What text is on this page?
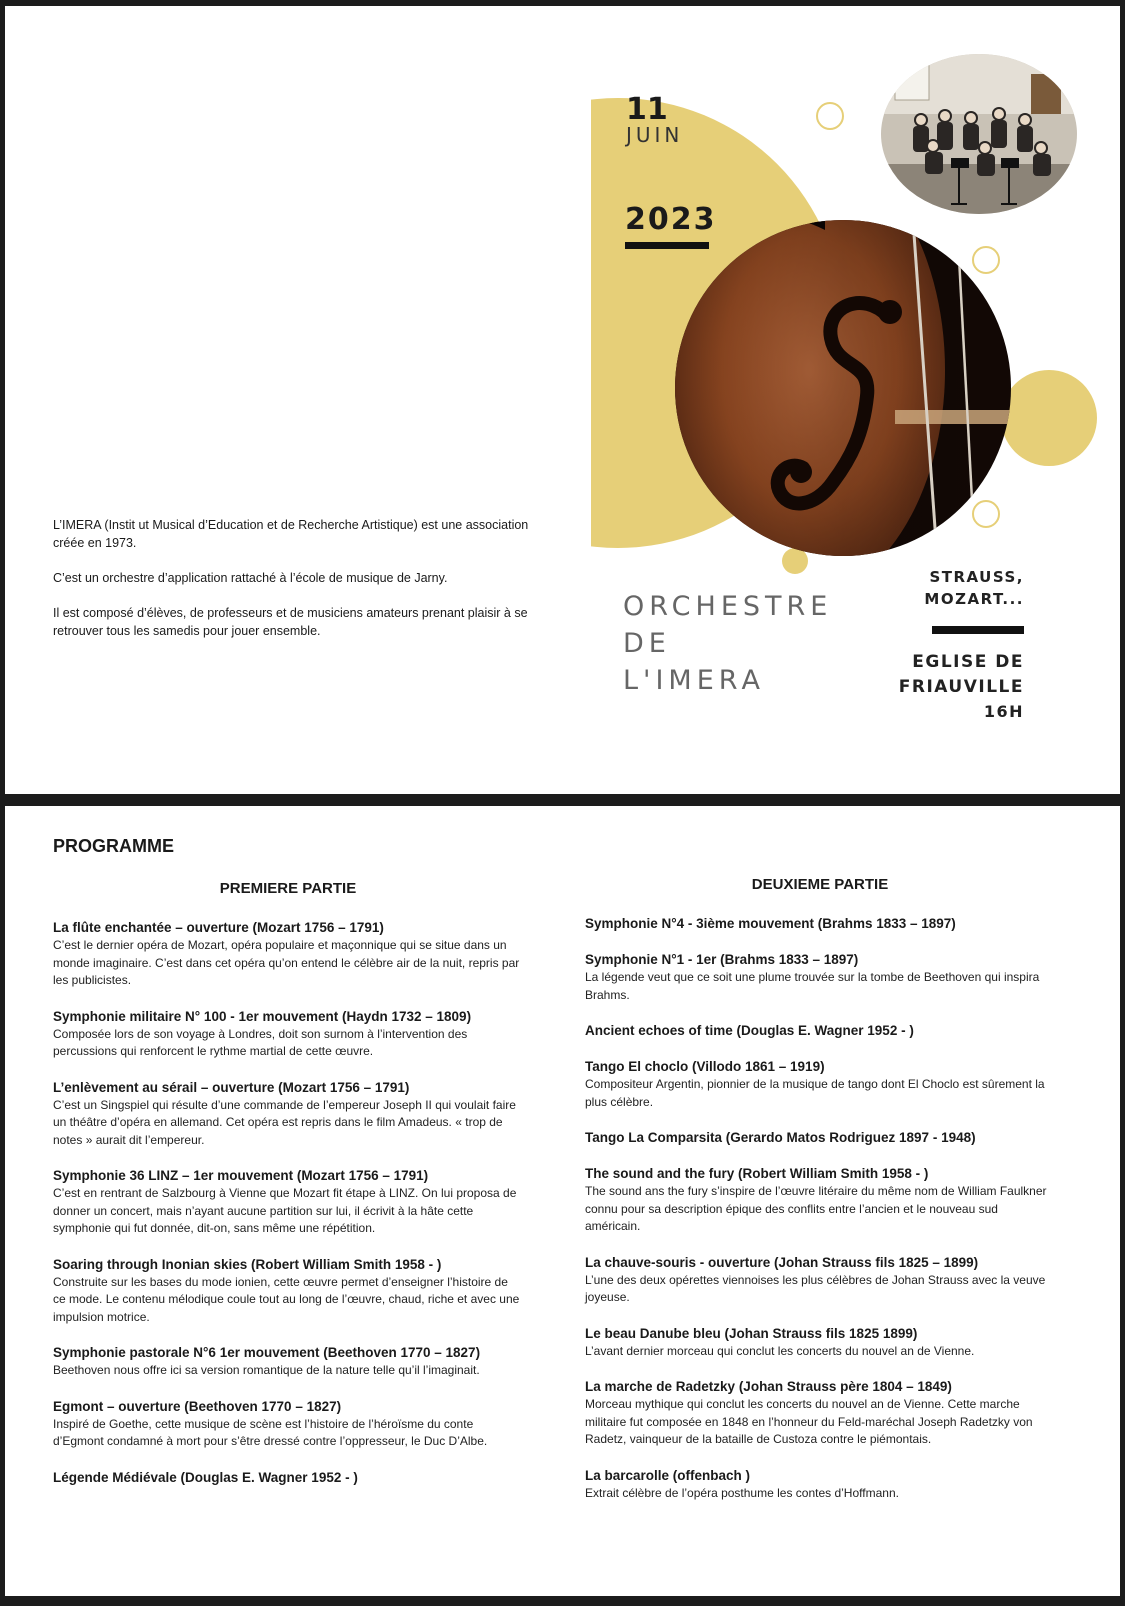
L’IMERA (Instit ut Musical d’Education et de Recherche Artistique) est une association créée en 1973.

C’est un orchestre d’application rattaché à l’école de musique de Jarny.

Il est composé d’élèves, de professeurs et de musiciens amateurs prenant plaisir à se retrouver tous les samedis pour jouer ensemble.

11
JUIN
2023
ORCHESTRE
DE
L'IMERA
STRAUSS,
MOZART...
EGLISE DE
FRIAUVILLE
16H
PROGRAMME
PREMIERE PARTIE
La flûte enchantée – ouverture (Mozart 1756 – 1791)
C’est le dernier opéra de Mozart, opéra populaire et maçonnique qui se situe dans un monde imaginaire. C’est dans cet opéra qu’on entend le célèbre air de la nuit, repris par les publicistes.
Symphonie militaire N° 100 - 1er mouvement (Haydn 1732 – 1809)
Composée lors de son voyage à Londres, doit son surnom à l’intervention des percussions qui renforcent le rythme martial de cette œuvre.
L’enlèvement au sérail – ouverture (Mozart 1756 – 1791)
C’est un Singspiel qui résulte d’une commande de l’empereur Joseph II qui voulait faire un théâtre d’opéra en allemand. Cet opéra est repris dans le film Amadeus. « trop de notes » aurait dit l’empereur.
Symphonie 36 LINZ – 1er mouvement (Mozart 1756 – 1791)
C’est en rentrant de Salzbourg à Vienne que Mozart fit étape à LINZ. On lui proposa de donner un concert, mais n’ayant aucune partition sur lui, il écrivit à la hâte cette symphonie qui fut donnée, dit-on, sans même une répétition.
Soaring through Inonian skies (Robert William Smith 1958 - )
Construite sur les bases du mode ionien, cette œuvre permet d’enseigner l’histoire de ce mode. Le contenu mélodique coule tout au long de l’œuvre, chaud, riche et avec une impulsion motrice.
Symphonie pastorale N°6 1er mouvement (Beethoven 1770 – 1827)
Beethoven nous offre ici sa version romantique de la nature telle qu’il l’imaginait.
Egmont – ouverture (Beethoven 1770 – 1827)
Inspiré de Goethe, cette musique de scène est l’histoire de l’héroïsme du conte d’Egmont condamné à mort pour s’être dressé contre l’oppresseur, le Duc D’Albe.
Légende Médiévale (Douglas E. Wagner 1952 - )
DEUXIEME PARTIE
Symphonie N°4 - 3ième mouvement (Brahms 1833 – 1897)
Symphonie N°1 - 1er (Brahms 1833 – 1897)
La légende veut que ce soit une plume trouvée sur la tombe de Beethoven qui inspira Brahms.
Ancient echoes of time (Douglas E. Wagner 1952 - )
Tango El choclo (Villodo 1861 – 1919)
Compositeur Argentin, pionnier de la musique de tango dont El Choclo est sûrement la plus célèbre.
Tango La Comparsita (Gerardo Matos Rodriguez 1897 - 1948)
The sound and the fury (Robert William Smith 1958 - )
The sound ans the fury s’inspire de l’œuvre litéraire du même nom de William Faulkner connu pour sa description épique des conflits entre l’ancien et le nouveau sud américain.
La chauve-souris - ouverture (Johan Strauss fils 1825 – 1899)
L’une des deux opérettes viennoises les plus célèbres de Johan Strauss avec la veuve joyeuse.
Le beau Danube bleu (Johan Strauss fils 1825 1899)
L’avant dernier morceau qui conclut les concerts du nouvel an de Vienne.
La marche de Radetzky (Johan Strauss père 1804 – 1849)
Morceau mythique qui conclut les concerts du nouvel an de Vienne. Cette marche militaire fut composée en 1848 en l’honneur du Feld-maréchal Joseph Radetzky von Radetz, vainqueur de la bataille de Custoza contre le piémontais.
La barcarolle (offenbach )
Extrait célèbre de l’opéra posthume les contes d’Hoffmann.
